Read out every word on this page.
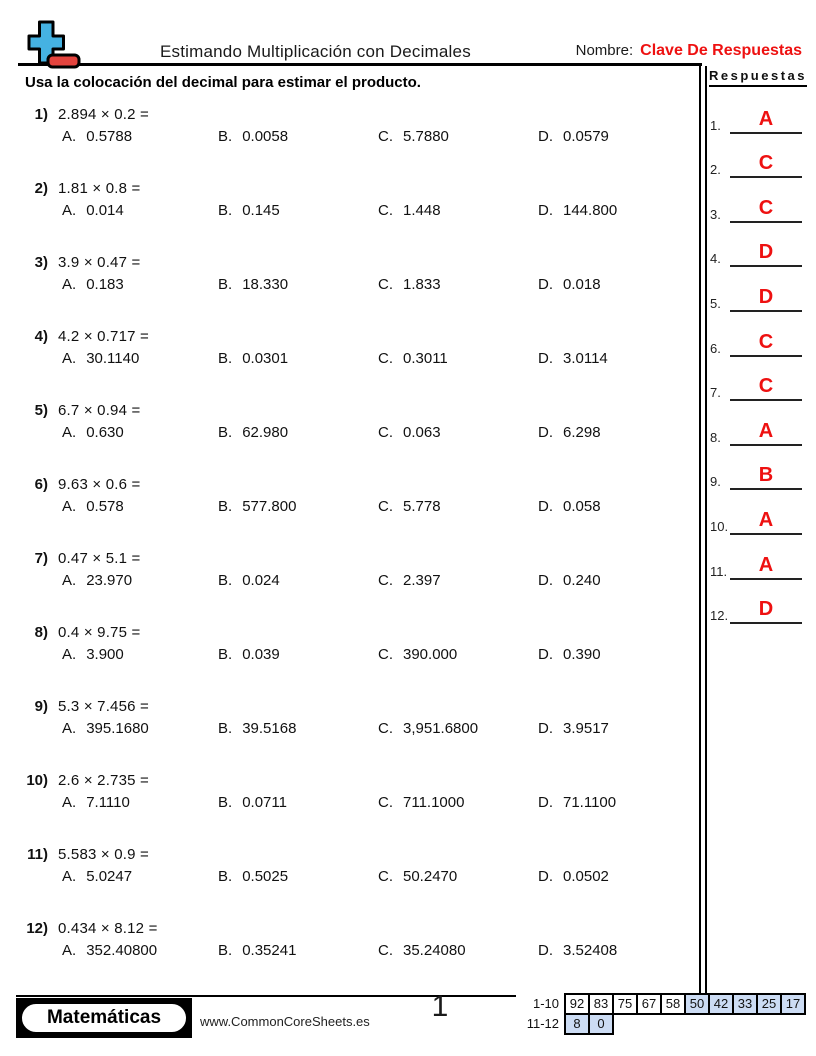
Estimando Multiplicación con Decimales	Nombre: Clave De Respuestas
Usa la colocación del decimal para estimar el producto.
1) 2.894 × 0.2 =
A. 0.5788	B. 0.0058	C. 5.7880	D. 0.0579
2) 1.81 × 0.8 =
A. 0.014	B. 0.145	C. 1.448	D. 144.800
3) 3.9 × 0.47 =
A. 0.183	B. 18.330	C. 1.833	D. 0.018
4) 4.2 × 0.717 =
A. 30.1140	B. 0.0301	C. 0.3011	D. 3.0114
5) 6.7 × 0.94 =
A. 0.630	B. 62.980	C. 0.063	D. 6.298
6) 9.63 × 0.6 =
A. 0.578	B. 577.800	C. 5.778	D. 0.058
7) 0.47 × 5.1 =
A. 23.970	B. 0.024	C. 2.397	D. 0.240
8) 0.4 × 9.75 =
A. 3.900	B. 0.039	C. 390.000	D. 0.390
9) 5.3 × 7.456 =
A. 395.1680	B. 39.5168	C. 3,951.6800	D. 3.9517
10) 2.6 × 2.735 =
A. 7.1110	B. 0.0711	C. 711.1000	D. 71.1100
11) 5.583 × 0.9 =
A. 5.0247	B. 0.5025	C. 50.2470	D. 0.0502
12) 0.434 × 8.12 =
A. 352.40800	B. 0.35241	C. 35.24080	D. 3.52408
Respuestas
1.	A
2.	C
3.	C
4.	D
5.	D
6.	C
7.	C
8.	A
9.	B
10.	A
11.	A
12.	D
Matemáticas	www.CommonCoreSheets.es	1	1-10 92 83 75 67 58 50 42 33 25 17
11-12	8	0
